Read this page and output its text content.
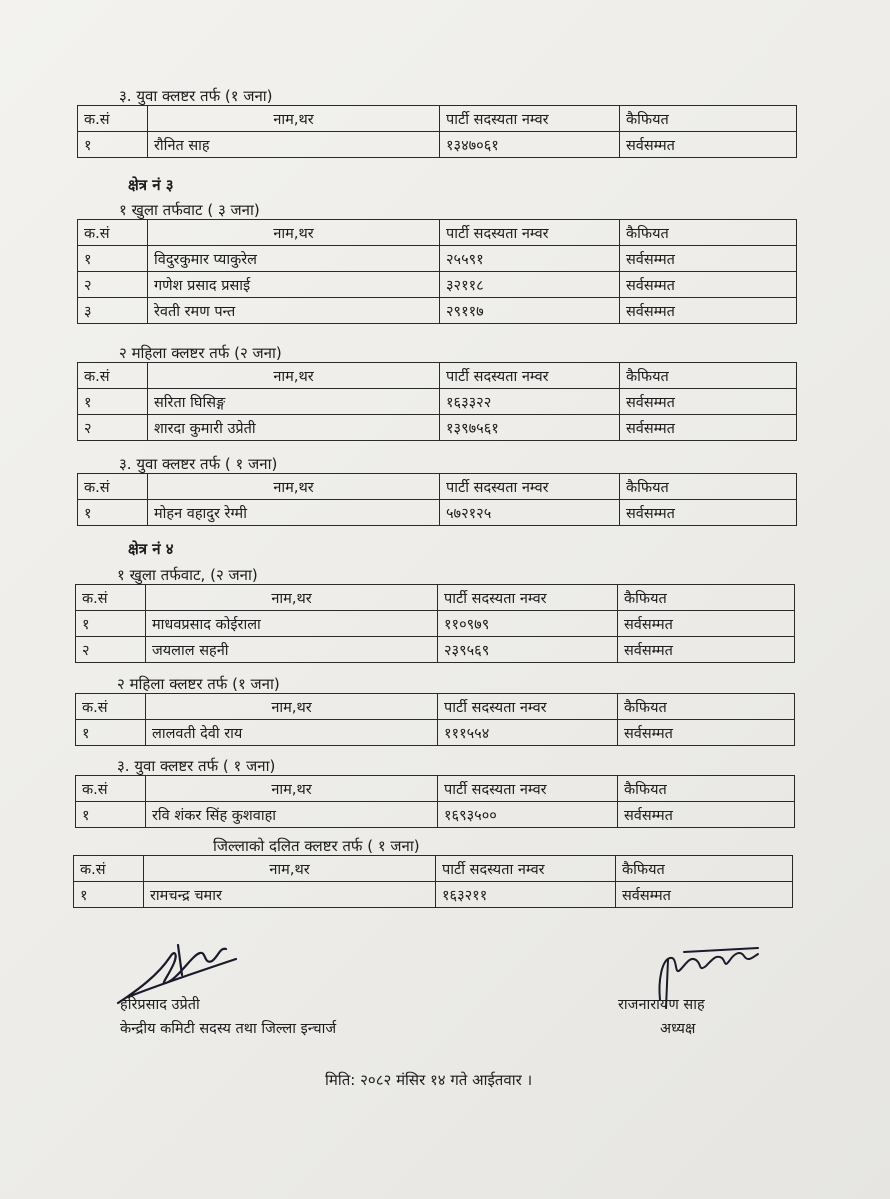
३. युवा क्लष्टर तर्फ (१ जना)
क.सं	नाम,थर	पार्टी सदस्यता नम्वर	कैफियत
१	रौनित साह	१३४७०६१	सर्वसम्मत
क्षेत्र नं ३
१ खुला तर्फवाट ( ३ जना)
क.सं	नाम,थर	पार्टी सदस्यता नम्वर	कैफियत
१	विदुरकुमार प्याकुरेल	२५५९१	सर्वसम्मत
२	गणेश प्रसाद प्रसाई	३२११८	सर्वसम्मत
३	रेवती रमण पन्त	२९११७	सर्वसम्मत
२ महिला क्लष्टर तर्फ (२ जना)
क.सं	नाम,थर	पार्टी सदस्यता नम्वर	कैफियत
१	सरिता घिसिङ्ग	१६३३२२	सर्वसम्मत
२	शारदा कुमारी उप्रेती	१३९७५६१	सर्वसम्मत
३. युवा क्लष्टर तर्फ ( १ जना)
क.सं	नाम,थर	पार्टी सदस्यता नम्वर	कैफियत
१	मोहन वहादुर रेग्मी	५७२१२५	सर्वसम्मत
क्षेत्र नं ४
१ खुला तर्फवाट, (२ जना)
क.सं	नाम,थर	पार्टी सदस्यता नम्वर	कैफियत
१	माधवप्रसाद कोईराला	११०९७९	सर्वसम्मत
२	जयलाल सहनी	२३९५६९	सर्वसम्मत
२ महिला क्लष्टर तर्फ (१ जना)
क.सं	नाम,थर	पार्टी सदस्यता नम्वर	कैफियत
१	लालवती देवी राय	१११५५४	सर्वसम्मत
३. युवा क्लष्टर तर्फ ( १ जना)
क.सं	नाम,थर	पार्टी सदस्यता नम्वर	कैफियत
१	रवि शंकर सिंह कुशवाहा	१६९३५००	सर्वसम्मत
जिल्लाको दलित क्लष्टर तर्फ ( १ जना)
क.सं	नाम,थर	पार्टी सदस्यता नम्वर	कैफियत
१	रामचन्द्र चमार	१६३२११	सर्वसम्मत
हरिप्रसाद उप्रेती
केन्द्रीय कमिटी सदस्य तथा जिल्ला इन्चार्ज
राजनारायण साह
अध्यक्ष
मिति: २०८२ मंसिर १४ गते आईतवार ।
